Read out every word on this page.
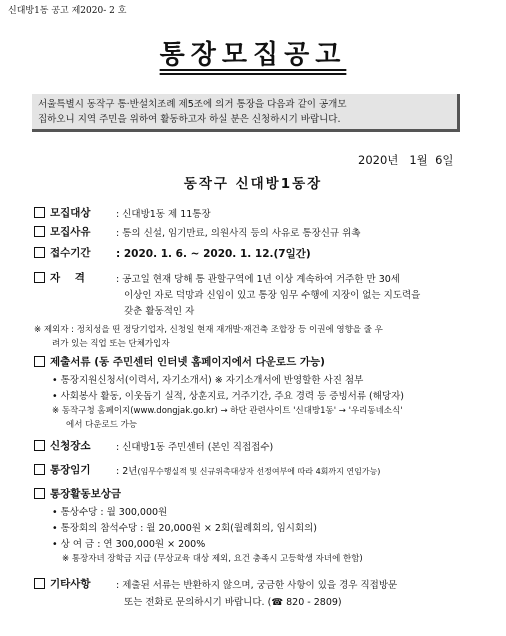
신대방1동 공고 제2020- 2 호
통장모집공고
서울특별시 동작구 통·반설치조례 제5조에 의거 통장을 다음과 같이 공개모
집하오니 지역 주민을 위하여 활동하고자 하실 분은 신청하시기 바랍니다.
2020년   1월  6일
동작구 신대방1동장
모집대상	: 신대방1동 제 11통장
모집사유	: 통의 신설, 임기만료, 의원사직 등의 사유로 통장신규 위촉
접수기간 : 2020. 1. 6. ~ 2020. 1. 12.(7일간)
자    격	: 공고일 현재 당해 통 관할구역에 1년 이상 계속하여 거주한 만 30세
이상인 자로 덕망과 신임이 있고 통장 임무 수행에 지장이 없는 지도력을
갖춘 활동적인 자
※ 제외자 : 정치성을 띤 정당기업자, 신청일 현재 재개발·재건축 조합장 등 이권에 영향을 줄 우
려가 있는 직업 또는 단체가입자
제출서류 (동 주민센터 인터넷 홈페이지에서 다운로드 가능)
• 통장지원신청서(이력서, 자기소개서) ※ 자기소개서에 반영할한 사진 첨부
• 사회봉사 활동, 이웃돕기 실적, 상훈지료, 거주기간, 주요 경력 등 증빙서류 (해당자)
※ 동작구청 홈페이지(www.dongjak.go.kr) → 하단 관련사이트 '신대방1동' → '우리동네소식'
에서 다운로드 가능
신청장소	: 신대방1동 주민센터 (본인 직접접수)
통장임기	: 2년(임무수행실적 및 신규위촉대상자 선정여부에 따라 4회까지 연임가능)
통장활동보상금
• 통상수당 : 월 300,000원
• 통장회의 참석수당 : 월 20,000원 × 2회(월례회의, 임시회의)
• 상 여 금 : 연 300,000원 × 200%
※ 통장자녀 장학금 지급 (무상교육 대상 제외, 요건 충족시 고등학생 자녀에 한함)
기타사항	: 제출된 서류는 반환하지 않으며, 궁금한 사항이 있을 경우 직접방문
또는 전화로 문의하시기 바랍니다. (☎ 820 - 2809)
